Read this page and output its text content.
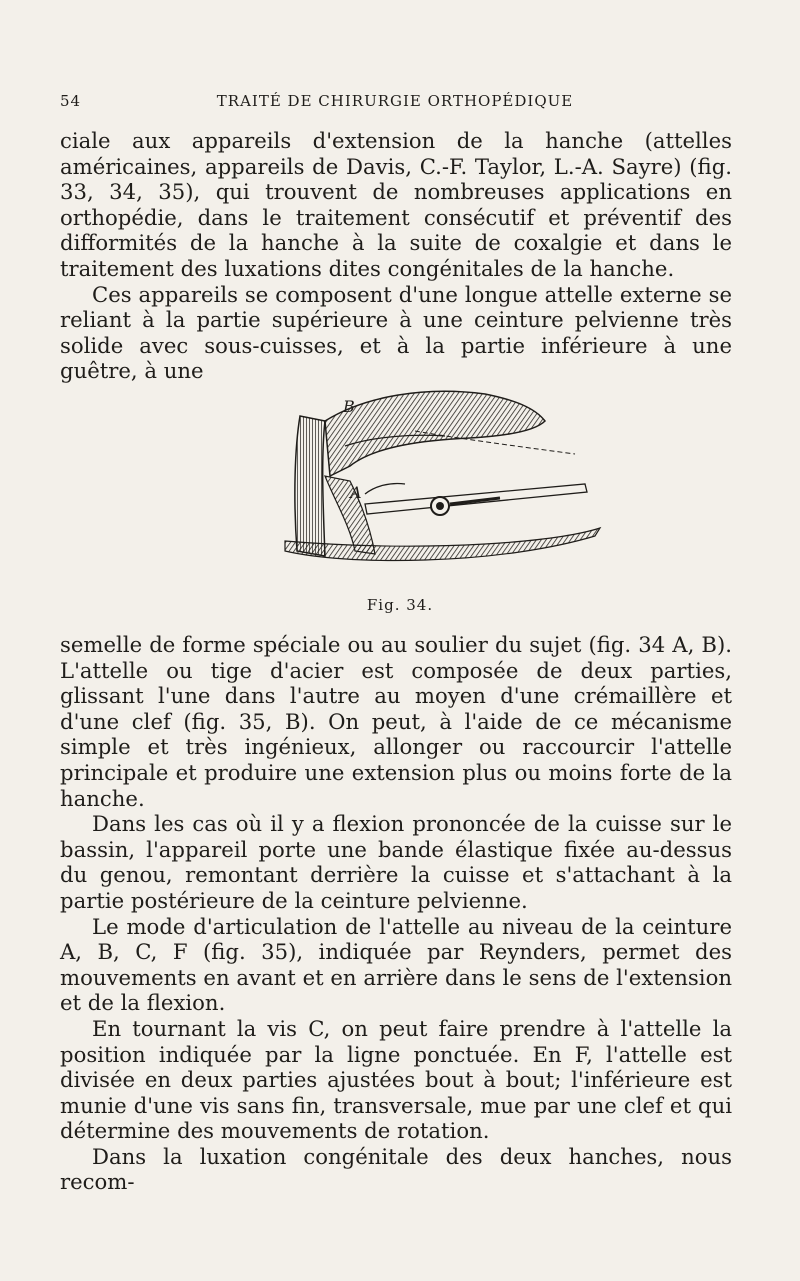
54	TRAITÉ DE CHIRURGIE ORTHOPÉDIQUE

ciale aux appareils d'extension de la hanche (attelles américaines, appareils de Davis, C.-F. Taylor, L.-A. Sayre) (fig. 33, 34, 35), qui trouvent de nombreuses applications en orthopédie, dans le traitement consécutif et préventif des difformités de la hanche à la suite de coxalgie et dans le traitement des luxations dites congénitales de la hanche.

Ces appareils se composent d'une longue attelle externe se reliant à la partie supérieure à une ceinture pelvienne très solide avec sous-cuisses, et à la partie inférieure à une guêtre, à une

A
B
Fig. 34.

semelle de forme spéciale ou au soulier du sujet (fig. 34 A, B). L'attelle ou tige d'acier est composée de deux parties, glissant l'une dans l'autre au moyen d'une crémaillère et d'une clef (fig. 35, B). On peut, à l'aide de ce mécanisme simple et très ingénieux, allonger ou raccourcir l'attelle principale et produire une extension plus ou moins forte de la hanche.

Dans les cas où il y a flexion prononcée de la cuisse sur le bassin, l'appareil porte une bande élastique fixée au-dessus du genou, remontant derrière la cuisse et s'attachant à la partie postérieure de la ceinture pelvienne.

Le mode d'articulation de l'attelle au niveau de la ceinture A, B, C, F (fig. 35), indiquée par Reynders, permet des mouvements en avant et en arrière dans le sens de l'extension et de la flexion.

En tournant la vis C, on peut faire prendre à l'attelle la position indiquée par la ligne ponctuée. En F, l'attelle est divisée en deux parties ajustées bout à bout; l'inférieure est munie d'une vis sans fin, transversale, mue par une clef et qui détermine des mouvements de rotation.

Dans la luxation congénitale des deux hanches, nous recom-
